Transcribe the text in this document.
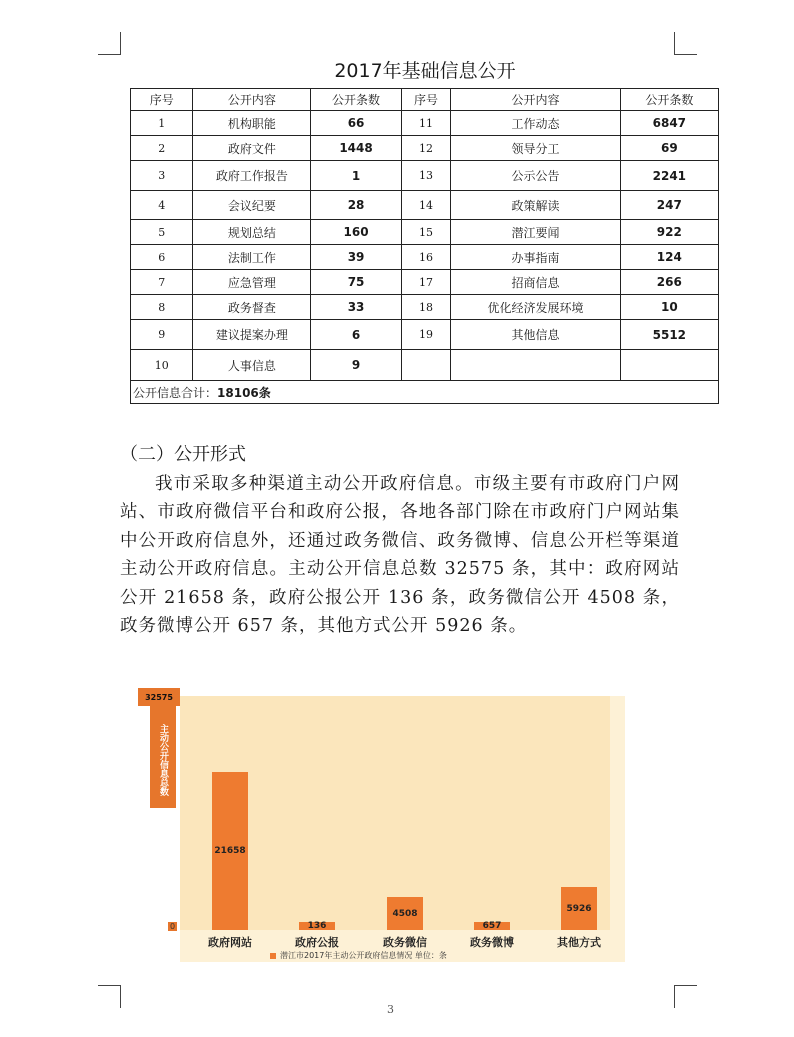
2017年基础信息公开
序号	公开内容	公开条数	序号	公开内容	公开条数
1	机构职能	66	11	工作动态	6847
2	政府文件	1448	12	领导分工	69
3	政府工作报告	1	13	公示公告	2241
4	会议纪要	28	14	政策解读	247
5	规划总结	160	15	潜江要闻	922
6	法制工作	39	16	办事指南	124
7	应急管理	75	17	招商信息	266
8	政务督查	33	18	优化经济发展环境	10
9	建议提案办理	6	19	其他信息	5512
10	人事信息	9			
公开信息合计：18106条					
（二）公开形式
我市采取多种渠道主动公开政府信息。市级主要有市政府门户网站、市政府微信平台和政府公报，各地各部门除在市政府门户网站集中公开政府信息外，还通过政务微信、政务微博、信息公开栏等渠道主动公开政府信息。主动公开信息总数 32575 条，其中：政府网站公开 21658 条，政府公报公开 136 条，政务微信公开 4508 条，政务微博公开 657 条，其他方式公开 5926 条。
32575
主动公开信息总数
0
21658
政府网站
136
政府公报
4508
政务微信
657
政务微博
5926
其他方式
潜江市2017年主动公开政府信息情况 单位：条
3
